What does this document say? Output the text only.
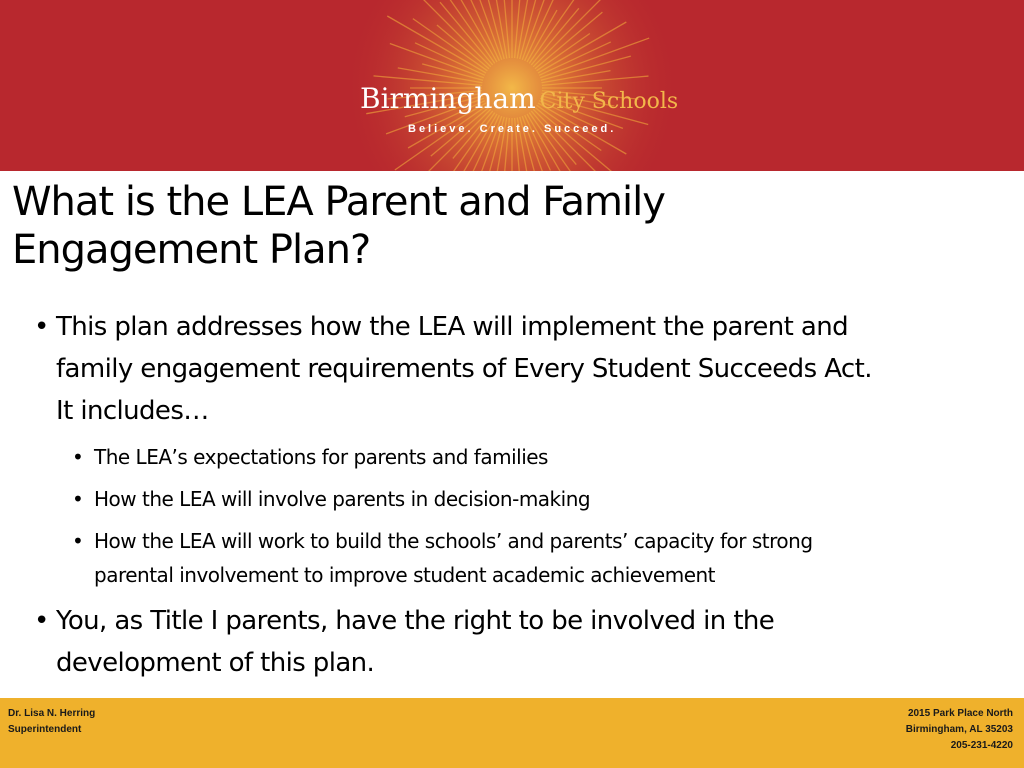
Birmingham City Schools
Believe. Create. Succeed.
What is the LEA Parent and Family
Engagement Plan?
• This plan addresses how the LEA will implement the parent and
family engagement requirements of Every Student Succeeds Act.
It includes…
• The LEA’s expectations for parents and families
• How the LEA will involve parents in decision-making
• How the LEA will work to build the schools’ and parents’ capacity for strong
parental involvement to improve student academic achievement
• You, as Title I parents, have the right to be involved in the
development of this plan.
Dr. Lisa N. Herring
Superintendent
2015 Park Place North
Birmingham, AL 35203
205-231-4220
